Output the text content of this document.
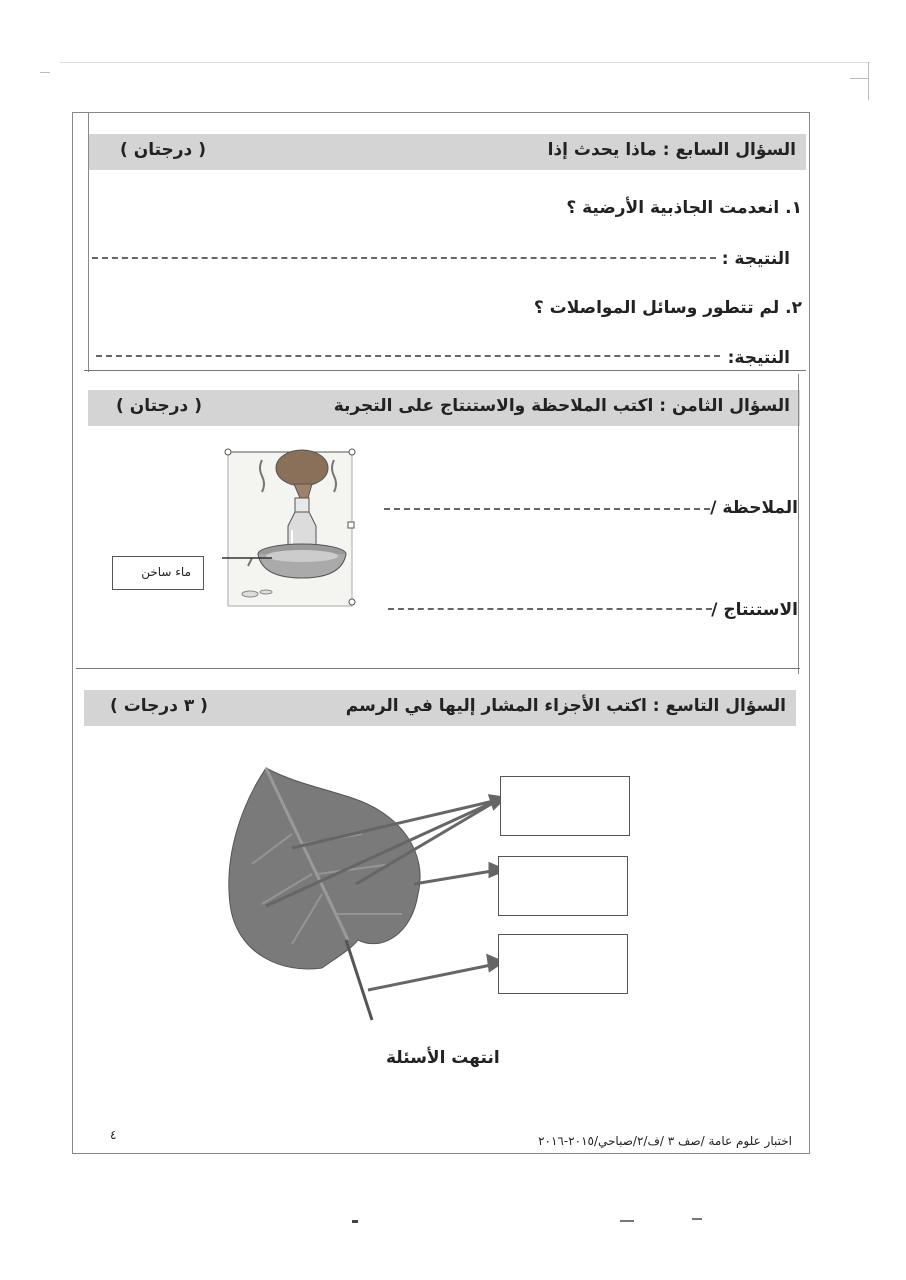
السؤال السابع : ماذا يحدث إذا
( درجتان )
١. انعدمت الجاذبية الأرضية ؟
النتيجة :
٢. لم تتطور وسائل المواصلات ؟
النتيجة:
السؤال الثامن : اكتب الملاحظة والاستنتاج على التجربة
( درجتان )
ماء ساخن
الملاحظة /
الاستنتاج /
السؤال التاسع : اكتب الأجزاء المشار إليها في الرسم
( ٣ درجات )
انتهت الأسئلة
٤	اختبار علوم عامة /صف ٣ /ف/٢/صباحي/٢٠١٥-٢٠١٦
